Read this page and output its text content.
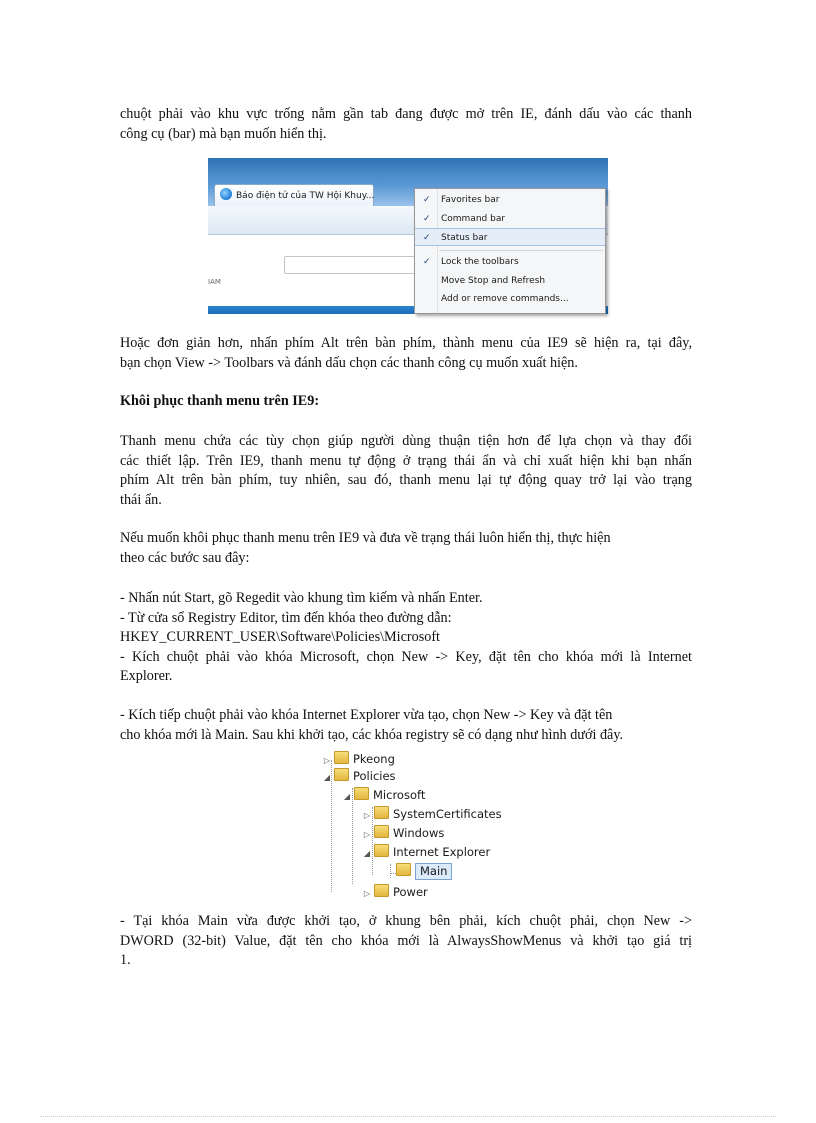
chuột phải vào khu vực trống nằm gần tab đang được mở trên IE, đánh dấu vào các thanh
công cụ (bar) mà bạn muốn hiển thị.
Báo điện tử của TW Hội Khuy...
IAM
✓ Favorites bar
✓ Command bar
✓ Status bar
✓ Lock the toolbars
Move Stop and Refresh
Add or remove commands...
Hoặc đơn giản hơn, nhấn phím Alt trên bàn phím, thành menu của IE9 sẽ hiện ra, tại đây,
bạn chọn View -> Toolbars và đánh dấu chọn các thanh công cụ muốn xuất hiện.
Khôi phục thanh menu trên IE9:
Thanh menu chứa các tùy chọn giúp người dùng thuận tiện hơn để lựa chọn và thay đổi
các thiết lập. Trên IE9, thanh menu tự động ở trạng thái ẩn và chỉ xuất hiện khi bạn nhấn
phím Alt trên bàn phím, tuy nhiên, sau đó, thanh menu lại tự động quay trở lại vào trạng
thái ẩn.
Nếu muốn khôi phục thanh menu trên IE9 và đưa về trạng thái luôn hiển thị, thực hiện
theo các bước sau đây:
- Nhấn nút Start, gõ Regedit vào khung tìm kiếm và nhấn Enter.
- Từ cửa sổ Registry Editor, tìm đến khóa theo đường dẫn:
HKEY_CURRENT_USER\Software\Policies\Microsoft
- Kích chuột phải vào khóa Microsoft, chọn New -> Key, đặt tên cho khóa mới là Internet
Explorer.
- Kích tiếp chuột phải vào khóa Internet Explorer vừa tạo, chọn New -> Key và đặt tên
cho khóa mới là Main. Sau khi khởi tạo, các khóa registry sẽ có dạng như hình dưới đây.
▷ Pkeong
◢ Policies
◢ Microsoft
▷ SystemCertificates
▷ Windows
◢ Internet Explorer
Main
▷ Power
- Tại khóa Main vừa được khởi tạo, ở khung bên phải, kích chuột phải, chọn New ->
DWORD (32-bit) Value, đặt tên cho khóa mới là AlwaysShowMenus và khởi tạo giá trị
1.
